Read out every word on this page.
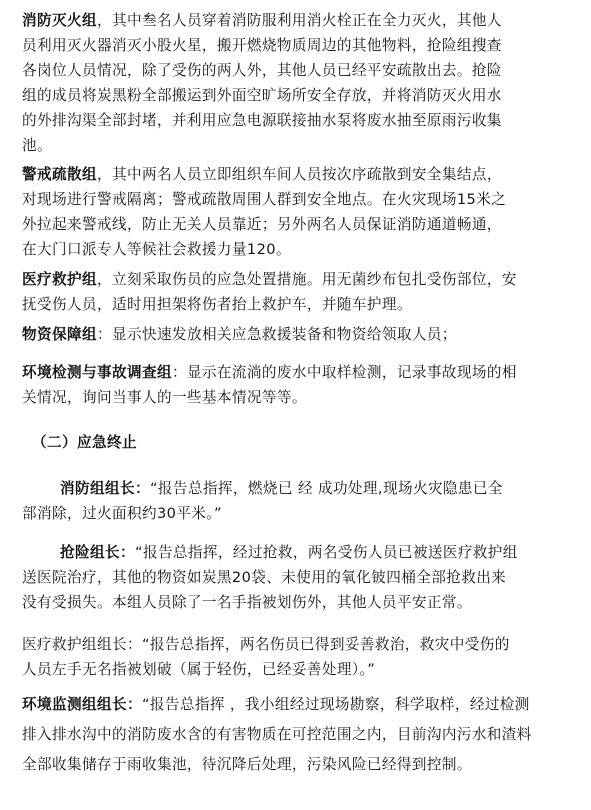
消防灭火组，其中叁名人员穿着消防服利用消火栓正在全力灭火，其他人
员利用灭火器消灭小股火星，搬开燃烧物质周边的其他物料，抢险组搜查
各岗位人员情况，除了受伤的两人外，其他人员已经平安疏散出去。抢险
组的成员将炭黑粉全部搬运到外面空旷场所安全存放，并将消防灭火用水
的外排沟渠全部封堵，并利用应急电源联接抽水泵将废水抽至原雨污收集
池。
警戒疏散组，其中两名人员立即组织车间人员按次序疏散到安全集结点，
对现场进行警戒隔离；警戒疏散周围人群到安全地点。在火灾现场15米之
外拉起来警戒线，防止无关人员靠近；另外两名人员保证消防通道畅通，
在大门口派专人等候社会救援力量120。
医疗救护组，立刻采取伤员的应急处置措施。用无菌纱布包扎受伤部位，安
抚受伤人员，适时用担架将伤者抬上救护车，并随车护理。
物资保障组：显示快速发放相关应急救援装备和物资给领取人员；
环境检测与事故调查组：显示在流淌的废水中取样检测，记录事故现场的相
关情况，询问当事人的一些基本情况等等。
（二）应急终止
消防组组长：“报告总指挥，燃烧已 经 成功处理,现场火灾隐患已全
部消除，过火面积约30平米。”
抢险组长：“报告总指挥，经过抢救，两名受伤人员已被送医疗救护组
送医院治疗，其他的物资如炭黑20袋、未使用的氧化铍四桶全部抢救出来
没有受损失。本组人员除了一名手指被划伤外，其他人员平安正常。
医疗救护组组长：“报告总指挥，两名伤员已得到妥善救治，救灾中受伤的
人员左手无名指被划破（属于轻伤，已经妥善处理）。”
环境监测组组长：“报告总指挥 ，我小组经过现场勘察，科学取样，经过检测
排入排水沟中的消防废水含的有害物质在可控范围之内，目前沟内污水和渣料
全部收集储存于雨收集池，待沉降后处理，污染风险已经得到控制。
